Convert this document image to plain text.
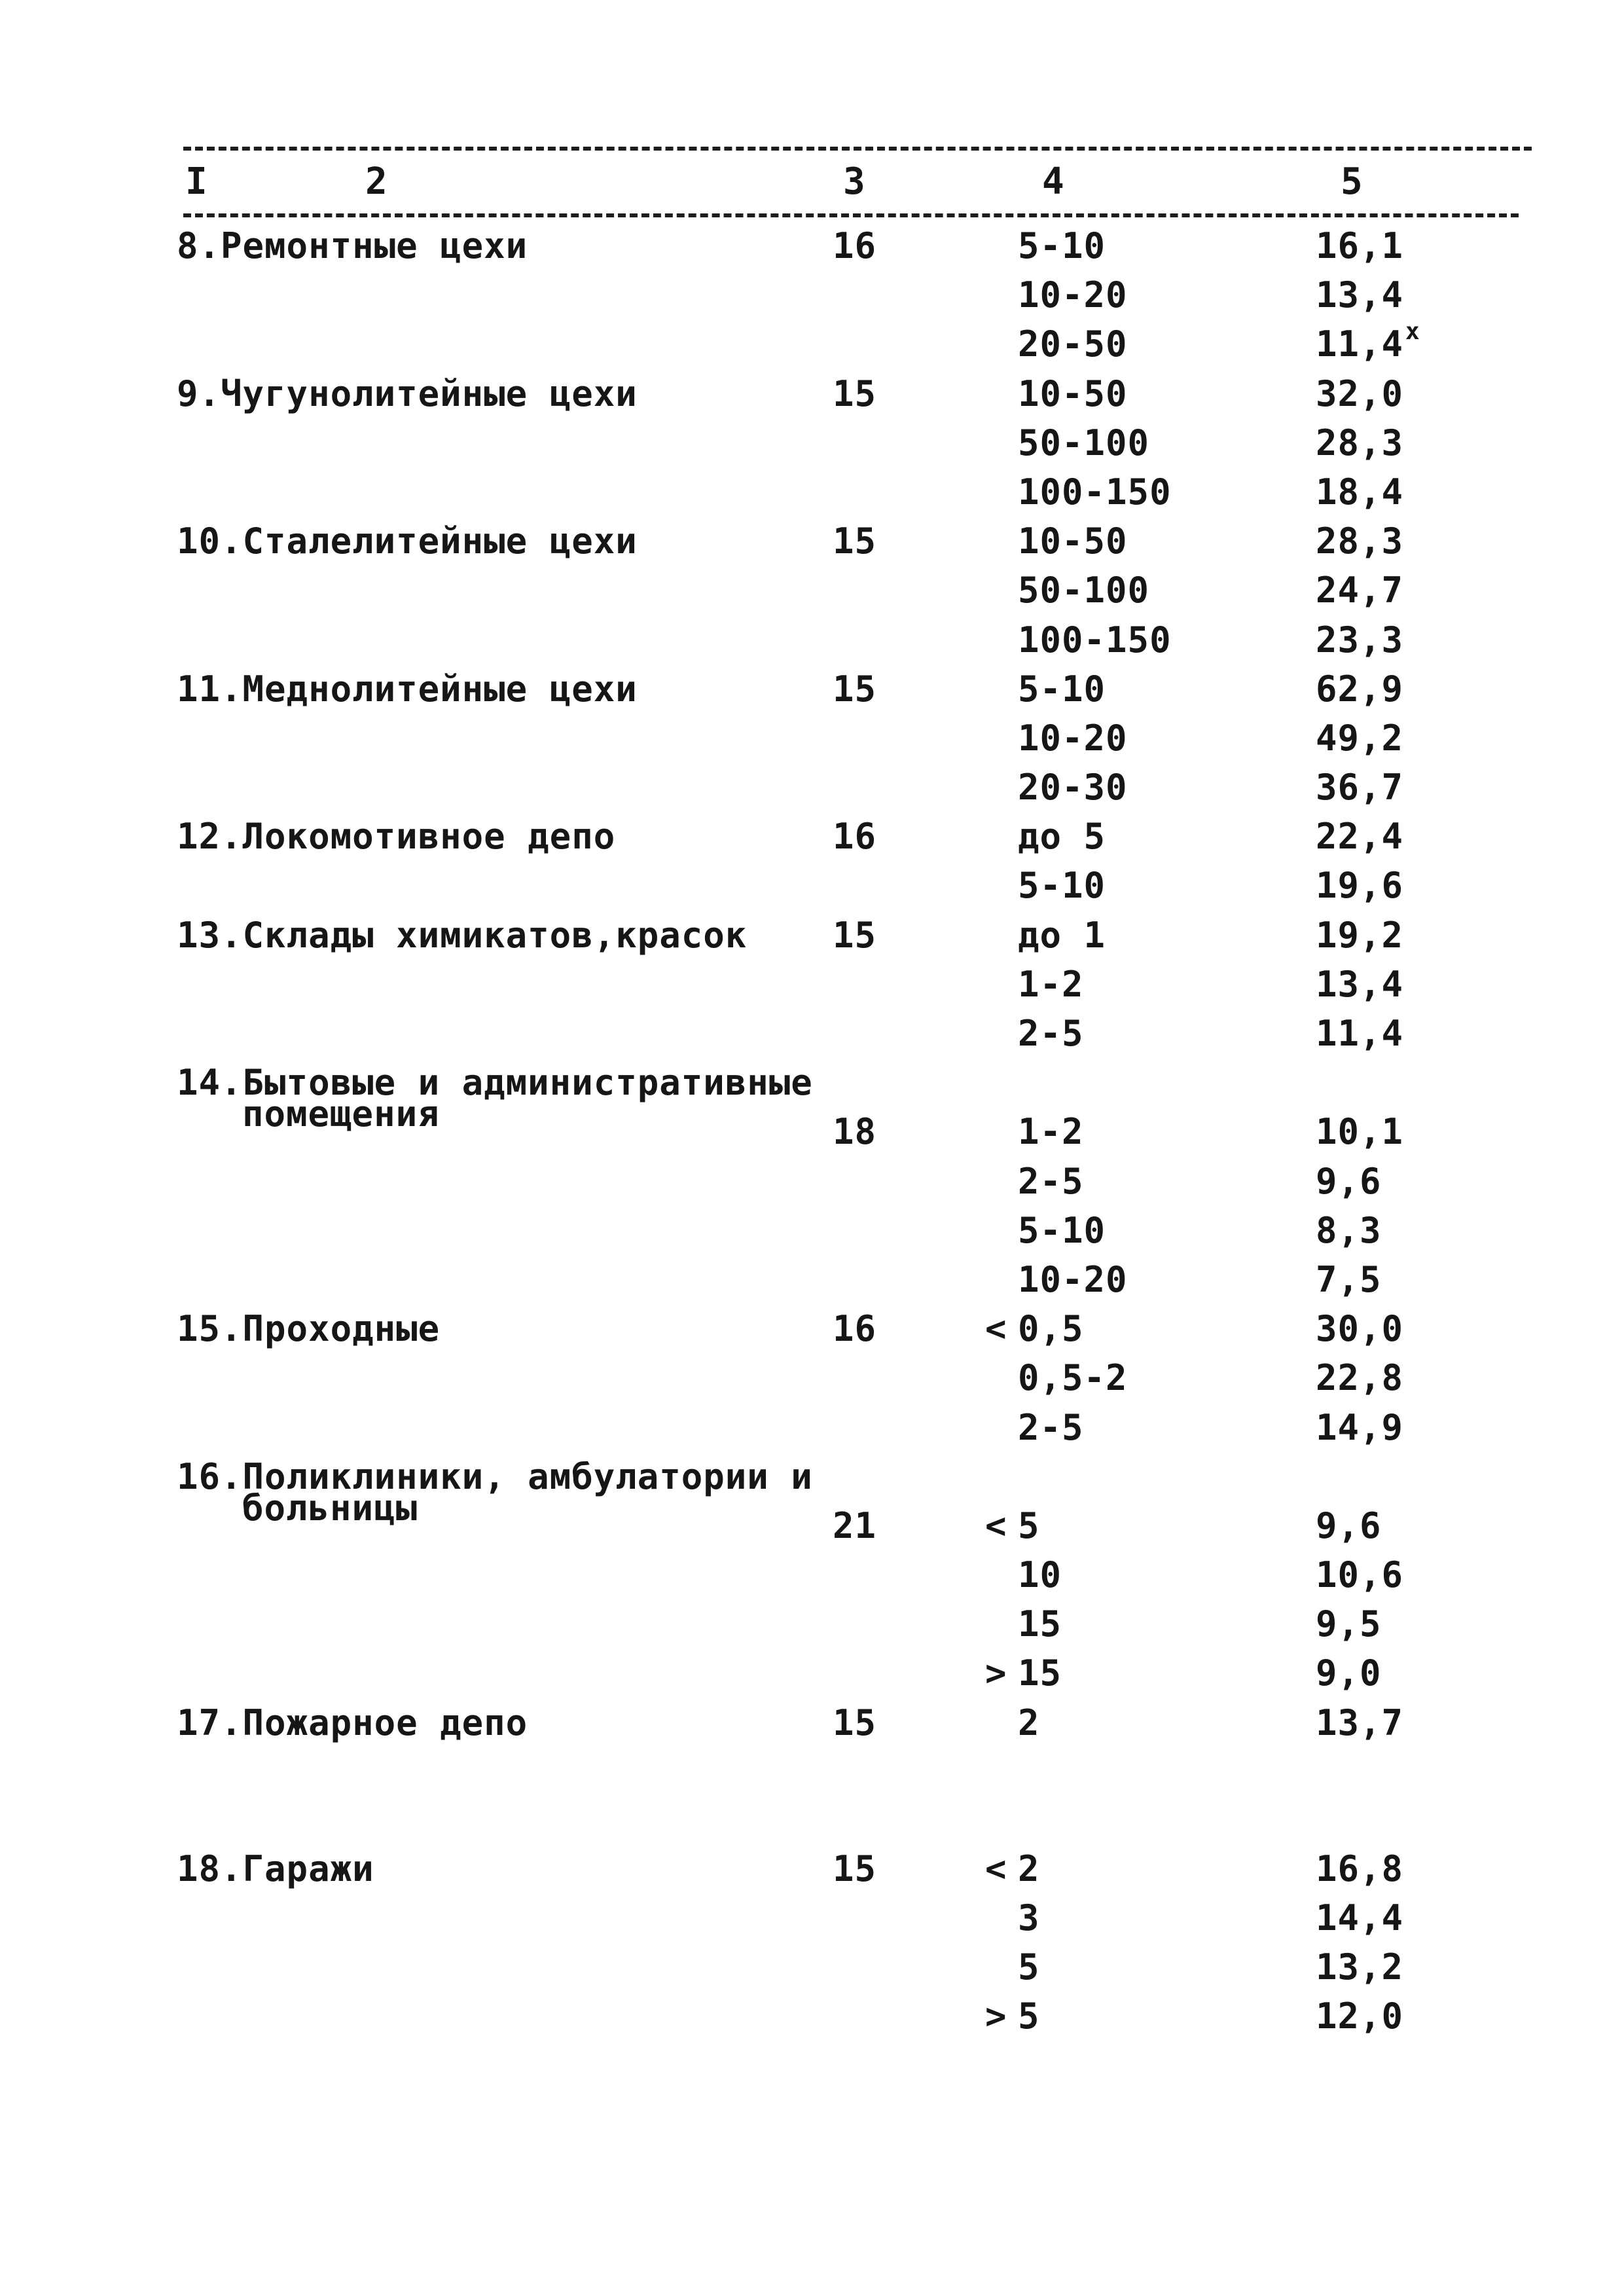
I	2	3	4	5
8.Ремонтные цехи	16	5-10	16,1
10-20	13,4
20-50	11,4$^x$
9.Чугунолитейные цехи	15	10-50	32,0
50-100	28,3
100-150	18,4
10.Сталелитейные цехи	15	10-50	28,3
50-100	24,7
100-150	23,3
11.Меднолитейные цехи	15	5-10	62,9
10-20	49,2
20-30	36,7
12.Локомотивное депо	16	до 5	22,4
5-10	19,6
13.Склады химикатов,красок 15	до 1	19,2
1-2	13,4
2-5	11,4
14.Бытовые и административные
помещения	18	1-2	10,1
2-5	9,6
5-10	8,3
10-20	7,5
15.Проходные	16	< 0,5	30,0
0,5-2	22,8
2-5	14,9
16.Поликлиники, амбулатории и
больницы	21	< 5	9,6
10	10,6
15	9,5
> 15	9,0
17.Пожарное депо	15	2	13,7
18.Гаражи	15	< 2	16,8
3	14,4
5	13,2
> 5	12,0
